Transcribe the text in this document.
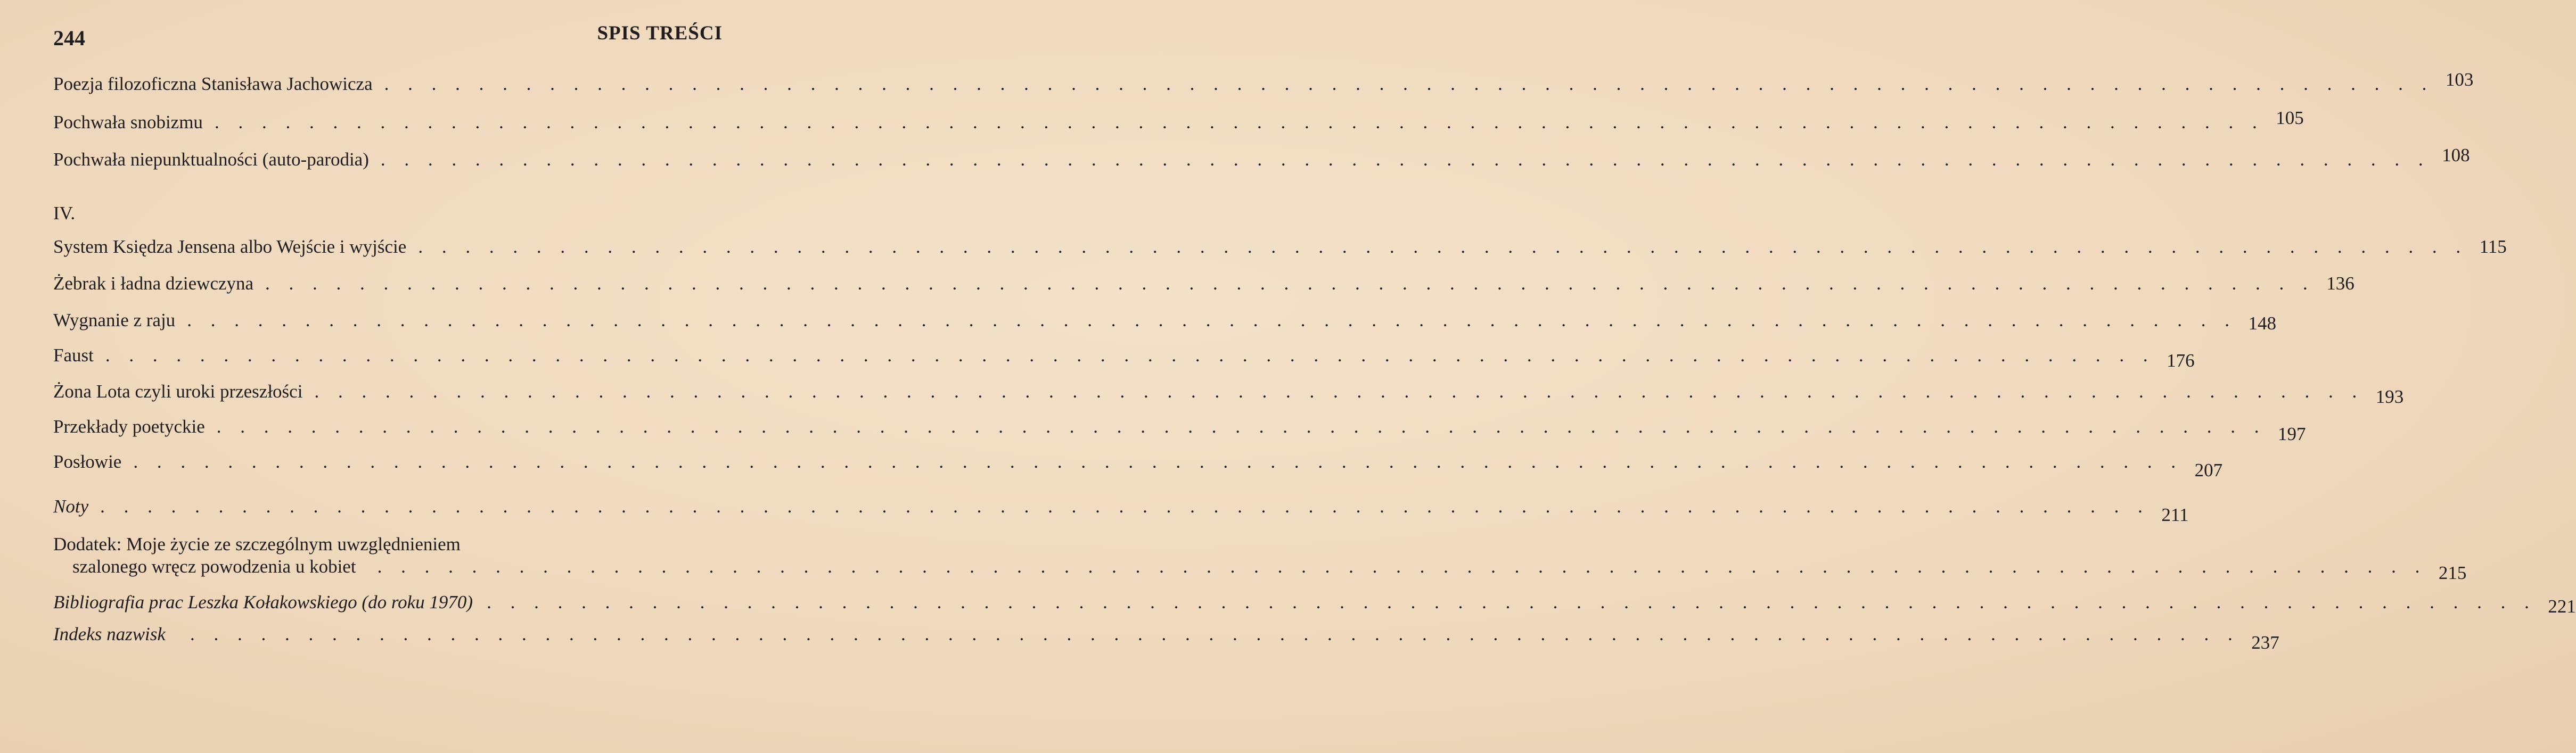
244	SPIS TREŚCI
Poezja filozoficzna Stanisława Jachowicza . . . . . . . . . . . . . . . . . . . . . . . . . . . . . . . . . . . . . . . . . . . . . . . . . . . . . . . . . . . . . . . . . . . . . . . . . . . . . . . . . . . . . . . 103
Pochwała snobizmu . . . . . . . . . . . . . . . . . . . . . . . . . . . . . . . . . . . . . . . . . . . . . . . . . . . . . . . . . . . . . . . . . . . . . . . . . . . . . . . . . . . . . . . 105
Pochwała niepunktualności (auto-parodia) . . . . . . . . . . . . . . . . . . . . . . . . . . . . . . . . . . . . . . . . . . . . . . . . . . . . . . . . . . . . . . . . . . . . . . . . . . . . . . . . . . . . . . . 108
IV.
System Księdza Jensena albo Wejście i wyjście . . . . . . . . . . . . . . . . . . . . . . . . . . . . . . . . . . . . . . . . . . . . . . . . . . . . . . . . . . . . . . . . . . . . . . . . . . . . . . . . . . . . . . . 115
Żebrak i ładna dziewczyna . . . . . . . . . . . . . . . . . . . . . . . . . . . . . . . . . . . . . . . . . . . . . . . . . . . . . . . . . . . . . . . . . . . . . . . . . . . . . . . . . . . . . . . 136
Wygnanie z raju . . . . . . . . . . . . . . . . . . . . . . . . . . . . . . . . . . . . . . . . . . . . . . . . . . . . . . . . . . . . . . . . . . . . . . . . . . . . . . . . . . . . . . . 148
Faust . . . . . . . . . . . . . . . . . . . . . . . . . . . . . . . . . . . . . . . . . . . . . . . . . . . . . . . . . . . . . . . . . . . . . . . . . . . . . . . . . . . . . . . 176
Żona Lota czyli uroki przeszłości . . . . . . . . . . . . . . . . . . . . . . . . . . . . . . . . . . . . . . . . . . . . . . . . . . . . . . . . . . . . . . . . . . . . . . . . . . . . . . . . . . . . . . . 193
Przekłady poetyckie . . . . . . . . . . . . . . . . . . . . . . . . . . . . . . . . . . . . . . . . . . . . . . . . . . . . . . . . . . . . . . . . . . . . . . . . . . . . . . . . . . . . . . . 197
Posłowie . . . . . . . . . . . . . . . . . . . . . . . . . . . . . . . . . . . . . . . . . . . . . . . . . . . . . . . . . . . . . . . . . . . . . . . . . . . . . . . . . . . . . . . 207
Noty . . . . . . . . . . . . . . . . . . . . . . . . . . . . . . . . . . . . . . . . . . . . . . . . . . . . . . . . . . . . . . . . . . . . . . . . . . . . . . . . . . . . . . . 211
Dodatek: Moje życie ze szczególnym uwzględnieniem
szalonego wręcz powodzenia u kobiet	. . . . . . . . . . . . . . . . . . . . . . . . . . . . . . . . . . . . . . . . . . . . . . . . . . . . . . . . . . . . . . . . . . . . . . . . . . . . . . . . . . . . . . . 215
Bibliografia prac Leszka Kołakowskiego (do roku 1970) . . . . . . . . . . . . . . . . . . . . . . . . . . . . . . . . . . . . . . . . . . . . . . . . . . . . . . . . . . . . . . . . . . . . . . . . . . . . . . . . . . . . . . . 221
Indeks nazwisk	. . . . . . . . . . . . . . . . . . . . . . . . . . . . . . . . . . . . . . . . . . . . . . . . . . . . . . . . . . . . . . . . . . . . . . . . . . . . . . . . . . . . . . . 237
